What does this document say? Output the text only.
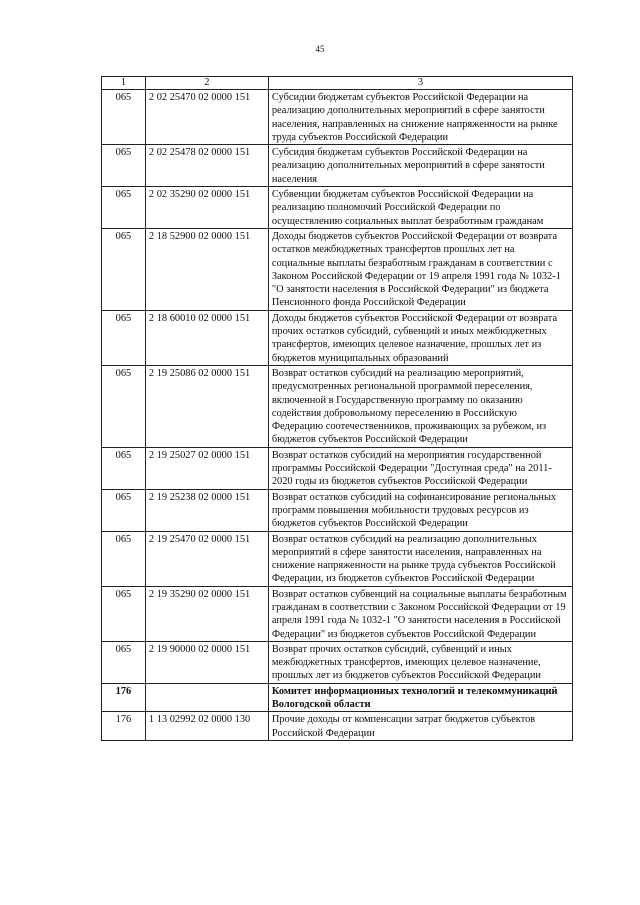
45
1	2	3
065	2 02 25470 02 0000 151	Субсидии бюджетам субъектов Российской Федерации на реализацию дополнительных мероприятий в сфере занятости населения, направленных на снижение напряженности на рынке труда субъектов Российской Федерации
065	2 02 25478 02 0000 151	Субсидия бюджетам субъектов Российской Федерации на реализацию дополнительных мероприятий в сфере занятости населения
065	2 02 35290 02 0000 151	Субвенции бюджетам субъектов Российской Федерации на реализацию полномочий Российской Федерации по осуществлению социальных выплат безработным гражданам
065	2 18 52900 02 0000 151	Доходы бюджетов субъектов Российской Федерации от возврата остатков межбюджетных трансфертов прошлых лет на социальные выплаты безработным гражданам в соответствии с Законом Российской Федерации от 19 апреля 1991 года № 1032-1 "О занятости населения в Российской Федерации" из бюджета Пенсионного фонда Российской Федерации
065	2 18 60010 02 0000 151	Доходы бюджетов субъектов Российской Федерации от возврата прочих остатков субсидий, субвенций и иных межбюджетных трансфертов, имеющих целевое назначение, прошлых лет из бюджетов муниципальных образований
065	2 19 25086 02 0000 151	Возврат остатков субсидий на реализацию мероприятий, предусмотренных региональной программой переселения, включенной в Государственную программу по оказанию содействия добровольному переселению в Российскую Федерацию соотечественников, проживающих за рубежом, из бюджетов субъектов Российской Федерации
065	2 19 25027 02 0000 151	Возврат остатков субсидий на мероприятия государственной программы Российской Федерации "Доступная среда" на 2011-2020 годы из бюджетов субъектов Российской Федерации
065	2 19 25238 02 0000 151	Возврат остатков субсидий на софинансирование региональных программ повышения мобильности трудовых ресурсов из бюджетов субъектов Российской Федерации
065	2 19 25470 02 0000 151	Возврат остатков субсидий на реализацию дополнительных мероприятий в сфере занятости населения, направленных на снижение напряженности на рынке труда субъектов Российской Федерации, из бюджетов субъектов Российской Федерации
065	2 19 35290 02 0000 151	Возврат остатков субвенций на социальные выплаты безработным гражданам в соответствии с Законом Российской Федерации от 19 апреля 1991 года № 1032-1 "О занятости населения в Российской Федерации" из бюджетов субъектов Российской Федерации
065	2 19 90000 02 0000 151	Возврат прочих остатков субсидий, субвенций и иных межбюджетных трансфертов, имеющих целевое назначение, прошлых лет из бюджетов субъектов Российской Федерации
176		Комитет информационных технологий и телекоммуникаций Вологодской области
176	1 13 02992 02 0000 130	Прочие доходы от компенсации затрат бюджетов субъектов Российской Федерации
